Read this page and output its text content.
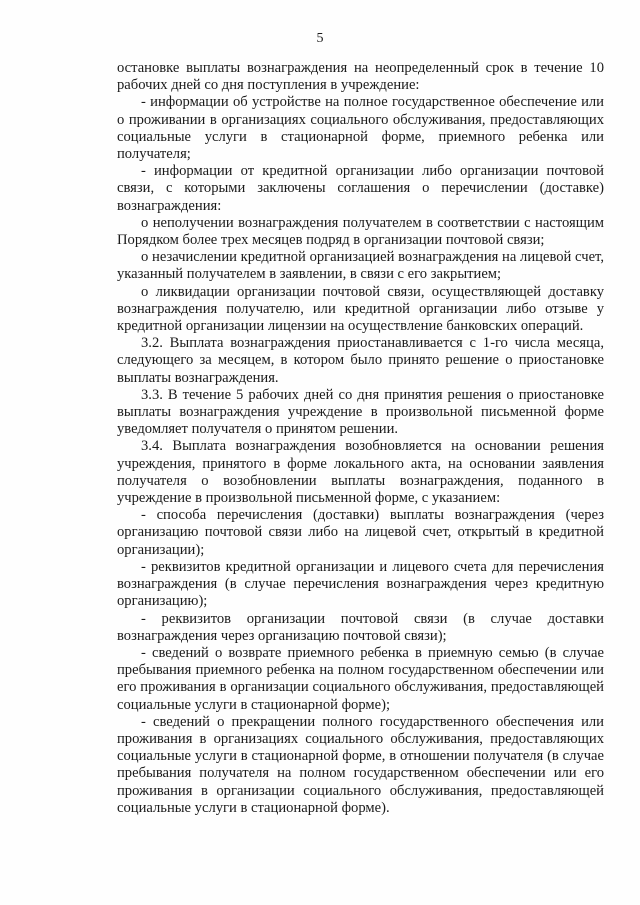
5

остановке выплаты вознаграждения на неопределенный срок в течение 10 рабочих дней со дня поступления в учреждение:

- информации об устройстве на полное государственное обеспечение или о проживании в организациях социального обслуживания, предоставляющих социальные услуги в стационарной форме, приемного ребенка или получателя;

- информации от кредитной организации либо организации почтовой связи, с которыми заключены соглашения о перечислении (доставке) вознаграждения:

о неполучении вознаграждения получателем в соответствии с настоящим Порядком более трех месяцев подряд в организации почтовой связи;

о незачислении кредитной организацией вознаграждения на лицевой счет, указанный получателем в заявлении, в связи с его закрытием;

о ликвидации организации почтовой связи, осуществляющей доставку вознаграждения получателю, или кредитной организации либо отзыве у кредитной организации лицензии на осуществление банковских операций.

3.2. Выплата вознаграждения приостанавливается с 1-го числа месяца, следующего за месяцем, в котором было принято решение о приостановке выплаты вознаграждения.

3.3. В течение 5 рабочих дней со дня принятия решения о приостановке выплаты вознаграждения учреждение в произвольной письменной форме уведомляет получателя о принятом решении.

3.4. Выплата вознаграждения возобновляется на основании решения учреждения, принятого в форме локального акта, на основании заявления получателя о возобновлении выплаты вознаграждения, поданного в учреждение в произвольной письменной форме, с указанием:

- способа перечисления (доставки) выплаты вознаграждения (через организацию почтовой связи либо на лицевой счет, открытый в кредитной организации);

- реквизитов кредитной организации и лицевого счета для перечисления вознаграждения (в случае перечисления вознаграждения через кредитную организацию);

- реквизитов организации почтовой связи (в случае доставки вознаграждения через организацию почтовой связи);

- сведений о возврате приемного ребенка в приемную семью (в случае пребывания приемного ребенка на полном государственном обеспечении или его проживания в организации социального обслуживания, предоставляющей социальные услуги в стационарной форме);

- сведений о прекращении полного государственного обеспечения или проживания в организациях социального обслуживания, предоставляющих социальные услуги в стационарной форме, в отношении получателя (в случае пребывания получателя на полном государственном обеспечении или его проживания в организации социального обслуживания, предоставляющей социальные услуги в стационарной форме).
